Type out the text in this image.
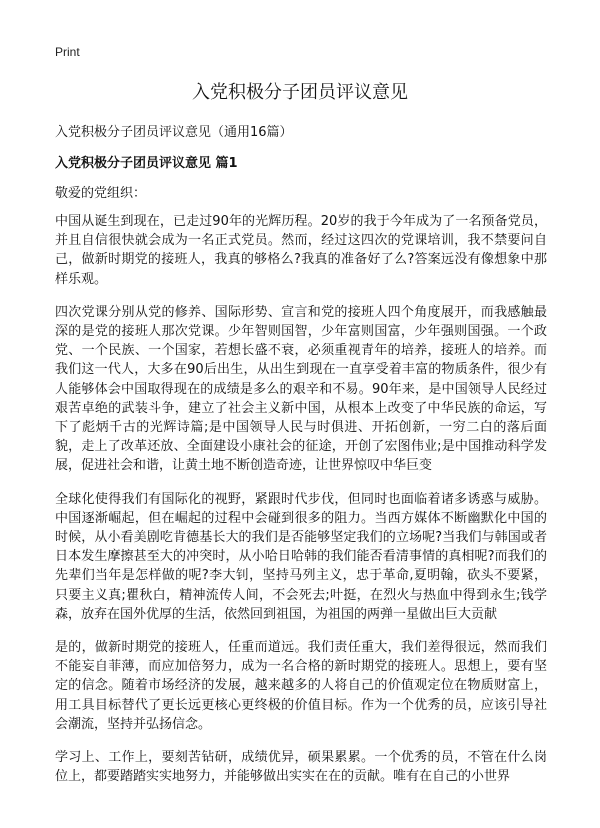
Print
入党积极分子团员评议意见
入党积极分子团员评议意见（通用16篇）
入党积极分子团员评议意见 篇1
敬爱的党组织：

中国从诞生到现在，已走过90年的光辉历程。20岁的我于今年成为了一名预备党员，并且自信很快就会成为一名正式党员。然而，经过这四次的党课培训，我不禁要问自己，做新时期党的接班人，我真的够格么?我真的准备好了么?答案远没有像想象中那样乐观。

四次党课分别从党的修养、国际形势、宣言和党的接班人四个角度展开，而我感触最深的是党的接班人那次党课。少年智则国智，少年富则国富，少年强则国强。一个政党、一个民族、一个国家，若想长盛不衰，必须重视青年的培养，接班人的培养。而我们这一代人，大多在90后出生，从出生到现在一直享受着丰富的物质条件，很少有人能够体会中国取得现在的成绩是多么的艰辛和不易。90年来，是中国领导人民经过艰苦卓绝的武装斗争，建立了社会主义新中国，从根本上改变了中华民族的命运，写下了彪炳千古的光辉诗篇;是中国领导人民与时俱进、开拓创新，一穷二白的落后面貌，走上了改革还放、全面建设小康社会的征途，开创了宏图伟业;是中国推动科学发展，促进社会和谐，让黄土地不断创造奇迹，让世界惊叹中华巨变

全球化使得我们有国际化的视野，紧跟时代步伐，但同时也面临着诸多诱惑与威胁。中国逐渐崛起，但在崛起的过程中会碰到很多的阻力。当西方媒体不断幽默化中国的时候，从小看美剧吃肯德基长大的我们是否能够坚定我们的立场呢?当我们与韩国或者日本发生摩擦甚至大的冲突时，从小哈日哈韩的我们能否看清事情的真相呢?而我们的先辈们当年是怎样做的呢?李大钊，坚持马列主义，忠于革命,夏明翰，砍头不要紧，只要主义真;瞿秋白，精神流传人间，不会死去;叶挺，在烈火与热血中得到永生;钱学森，放弃在国外优厚的生活，依然回到祖国，为祖国的两弹一星做出巨大贡献

是的，做新时期党的接班人，任重而道远。我们责任重大，我们差得很远，然而我们不能妄自菲薄，而应加倍努力，成为一名合格的新时期党的接班人。思想上，要有坚定的信念。随着市场经济的发展，越来越多的人将自己的价值观定位在物质财富上，用工具目标替代了更长远更核心更终极的价值目标。作为一个优秀的员，应该引导社会潮流，坚持并弘扬信念。

学习上、工作上，要刻苦钻研，成绩优异，硕果累累。一个优秀的员，不管在什么岗位上，都要踏踏实实地努力，并能够做出实实在在的贡献。唯有在自己的小世界
